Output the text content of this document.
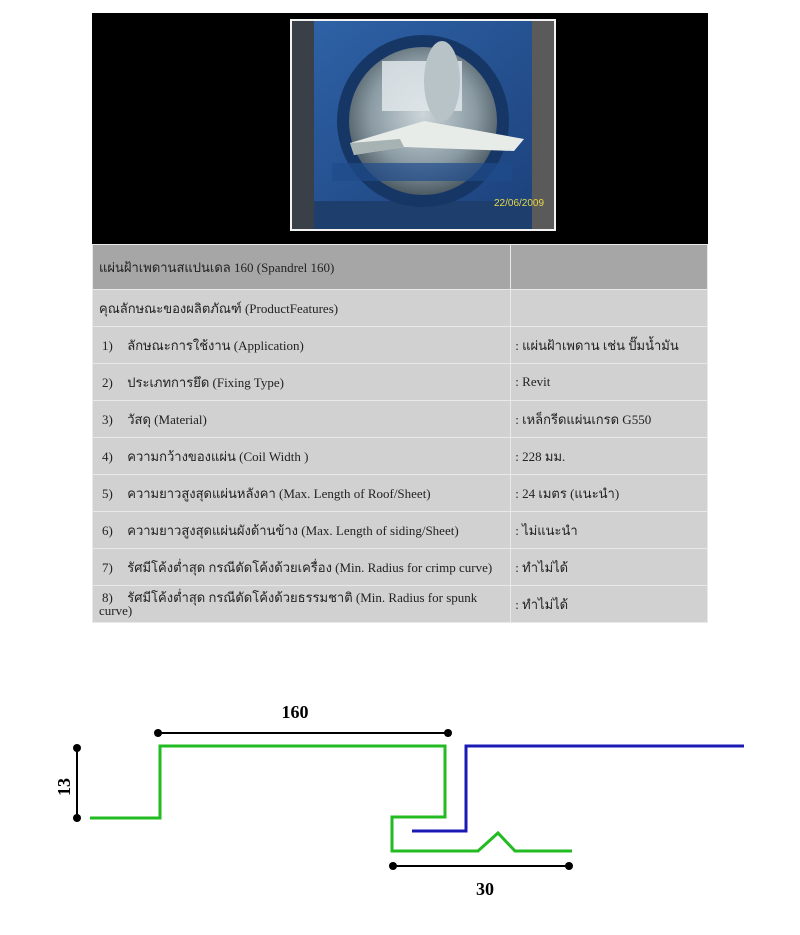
22/06/2009
แผ่นฝ้าเพดานสแปนเดล 160 (Spandrel 160)	
คุณลักษณะของผลิตภัณฑ์ (ProductFeatures)	
1) ลักษณะการใช้งาน (Application)	: แผ่นฝ้าเพดาน เช่น ปั๊มน้ำมัน
2) ประเภทการยึด (Fixing Type)	: Revit
3) วัสดุ (Material)	: เหล็กรีดแผ่นเกรด G550
4) ความกว้างของแผ่น (Coil Width )	: 228 มม.
5) ความยาวสูงสุดแผ่นหลังคา (Max. Length of Roof/Sheet)	: 24 เมตร (แนะนำ)
6) ความยาวสูงสุดแผ่นผังด้านข้าง (Max. Length of siding/Sheet)	: ไม่แนะนำ
7) รัศมีโค้งต่ำสุด กรณีดัดโค้งด้วยเครื่อง (Min. Radius for crimp curve)	: ทำไม่ได้
8) รัศมีโค้งต่ำสุด กรณีดัดโค้งด้วยธรรมชาติ (Min. Radius for spunk curve)	: ทำไม่ได้
160
13
30
